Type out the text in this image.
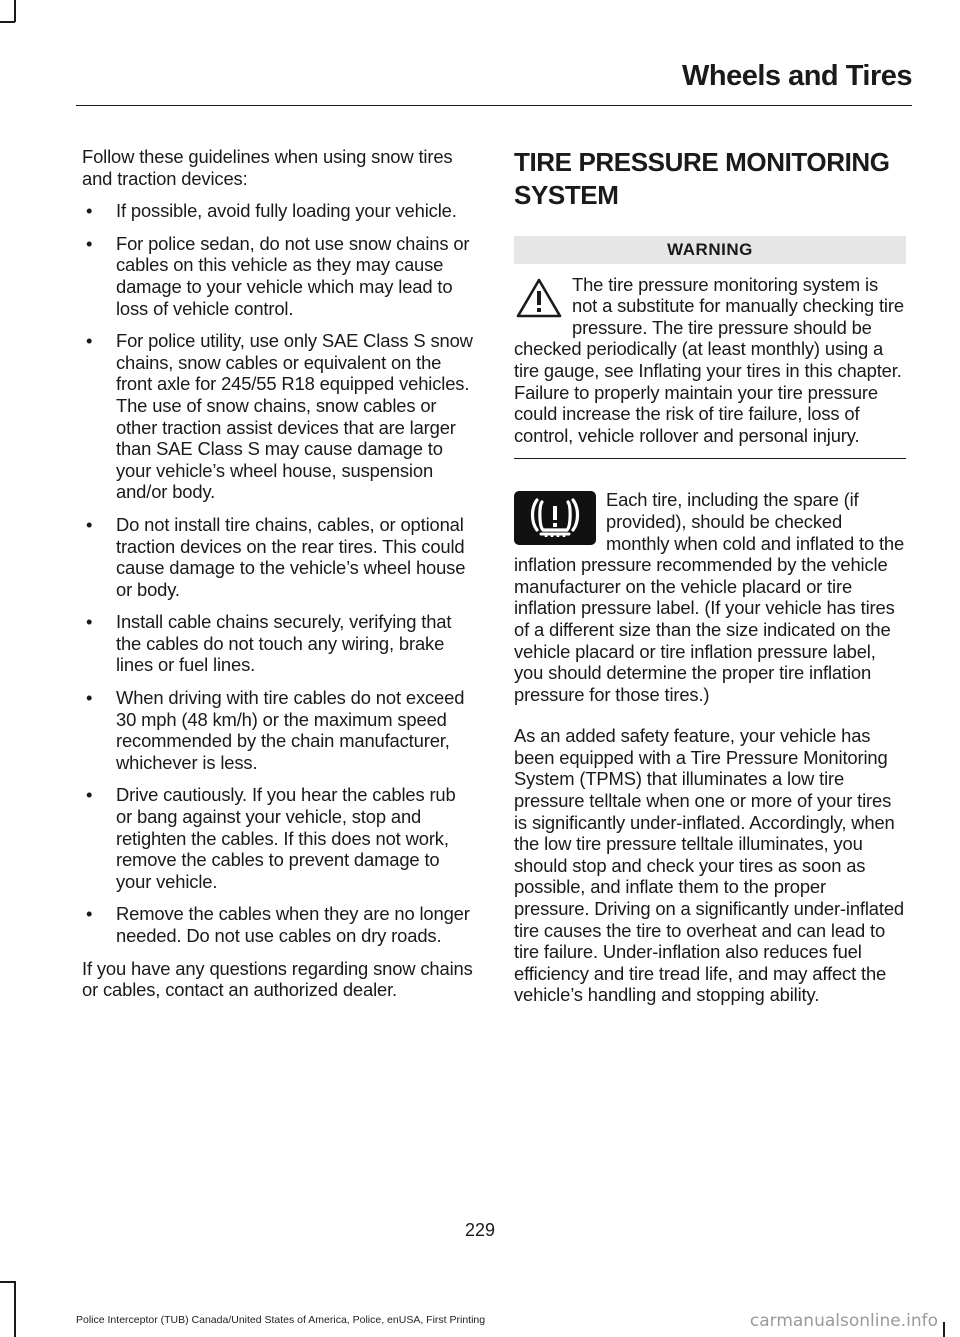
Wheels and Tires

Follow these guidelines when using snow tires and traction devices:

• If possible, avoid fully loading your vehicle.
• For police sedan, do not use snow chains or cables on this vehicle as they may cause damage to your vehicle which may lead to loss of vehicle control.
• For police utility, use only SAE Class S snow chains, snow cables or equivalent on the front axle for 245/55 R18 equipped vehicles. The use of snow chains, snow cables or other traction assist devices that are larger than SAE Class S may cause damage to your vehicle’s wheel house, suspension and/or body.
• Do not install tire chains, cables, or optional traction devices on the rear tires. This could cause damage to the vehicle’s wheel house or body.
• Install cable chains securely, verifying that the cables do not touch any wiring, brake lines or fuel lines.
• When driving with tire cables do not exceed 30 mph (48 km/h) or the maximum speed recommended by the chain manufacturer, whichever is less.
• Drive cautiously. If you hear the cables rub or bang against your vehicle, stop and retighten the cables. If this does not work, remove the cables to prevent damage to your vehicle.
• Remove the cables when they are no longer needed. Do not use cables on dry roads.

If you have any questions regarding snow chains or cables, contact an authorized dealer.

TIRE PRESSURE MONITORING SYSTEM
WARNING
The tire pressure monitoring system is not a substitute for manually checking tire pressure. The tire pressure should be checked periodically (at least monthly) using a tire gauge, see Inflating your tires in this chapter. Failure to properly maintain your tire pressure could increase the risk of tire failure, loss of control, vehicle rollover and personal injury.

Each tire, including the spare (if provided), should be checked monthly when cold and inflated to the inflation pressure recommended by the vehicle manufacturer on the vehicle placard or tire inflation pressure label. (If your vehicle has tires of a different size than the size indicated on the vehicle placard or tire inflation pressure label, you should determine the proper tire inflation pressure for those tires.)

As an added safety feature, your vehicle has been equipped with a Tire Pressure Monitoring System (TPMS) that illuminates a low tire pressure telltale when one or more of your tires is significantly under-inflated. Accordingly, when the low tire pressure telltale illuminates, you should stop and check your tires as soon as possible, and inflate them to the proper pressure. Driving on a significantly under-inflated tire causes the tire to overheat and can lead to tire failure. Under-inflation also reduces fuel efficiency and tire tread life, and may affect the vehicle’s handling and stopping ability.

229
Police Interceptor (TUB) Canada/United States of America, Police, enUSA, First Printing	carmanualsonline.info
